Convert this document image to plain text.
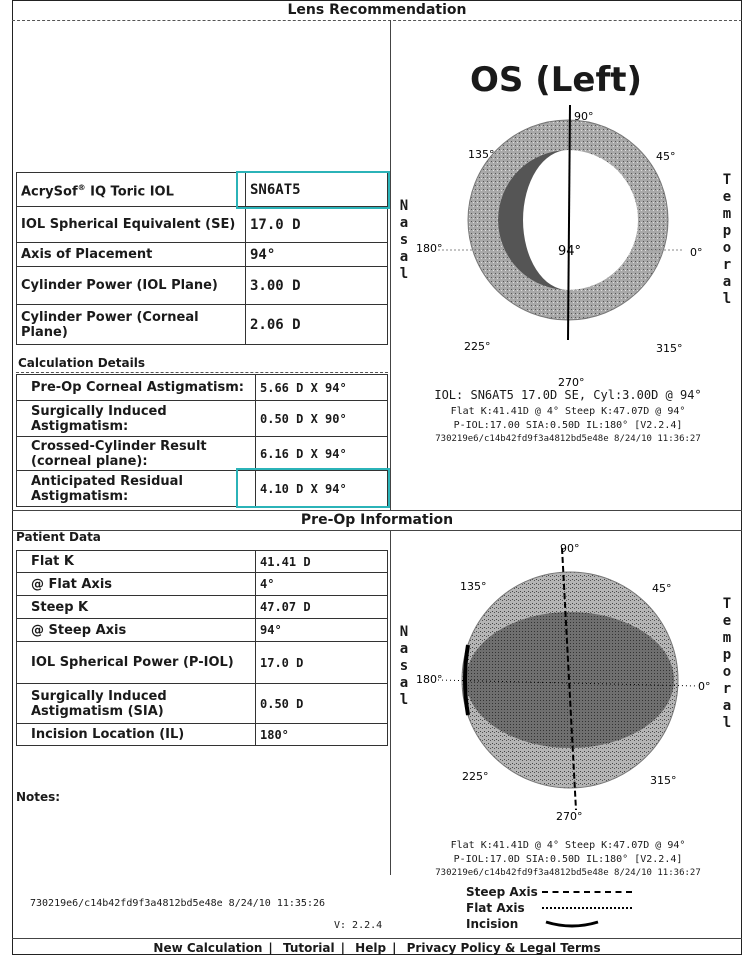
Lens Recommendation
AcrySof® IQ Toric IOL	SN6AT5
IOL Spherical Equivalent (SE)	17.0 D
Axis of Placement	94°
Cylinder Power (IOL Plane)	3.00 D
Cylinder Power (Corneal Plane)	2.06 D
Calculation Details
Pre-Op Corneal Astigmatism:	5.66 D X 94°
Surgically Induced Astigmatism:	0.50 D X 90°
Crossed-Cylinder Result (corneal plane):	6.16 D X 94°
Anticipated Residual Astigmatism:	4.10 D X 94°
OS (Left)
90°
135°	45°
180°	0°
94°
225°	315°
270°
N
a
s
a
l
T
e
m
p
o
r
a
l
IOL: SN6AT5 17.0D SE, Cyl:3.00D @ 94°
Flat K:41.41D @ 4° Steep K:47.07D @ 94°
P-IOL:17.00 SIA:0.50D IL:180° [V2.2.4]
730219e6/c14b42fd9f3a4812bd5e48e 8/24/10 11:36:27
Pre-Op Information
Patient Data
Flat K	41.41 D
@ Flat Axis	4°
Steep K	47.07 D
@ Steep Axis	94°
IOL Spherical Power (P-IOL)	17.0 D
Surgically Induced Astigmatism (SIA)	0.50 D
Incision Location (IL)	180°
90°
135°	45°
180°
0°
225°	315°
270°
N
a
s
a
l
T
e
m
p
o
r
a
l
Flat K:41.41D @ 4° Steep K:47.07D @ 94°
P-IOL:17.0D SIA:0.50D IL:180° [V2.2.4]
730219e6/c14b42fd9f3a4812bd5e48e 8/24/10 11:36:27
Steep Axis
Flat Axis
Incision
Notes:
730219e6/c14b42fd9f3a4812bd5e48e 8/24/10 11:35:26
V: 2.2.4
New Calculation | Tutorial | Help | Privacy Policy & Legal Terms
